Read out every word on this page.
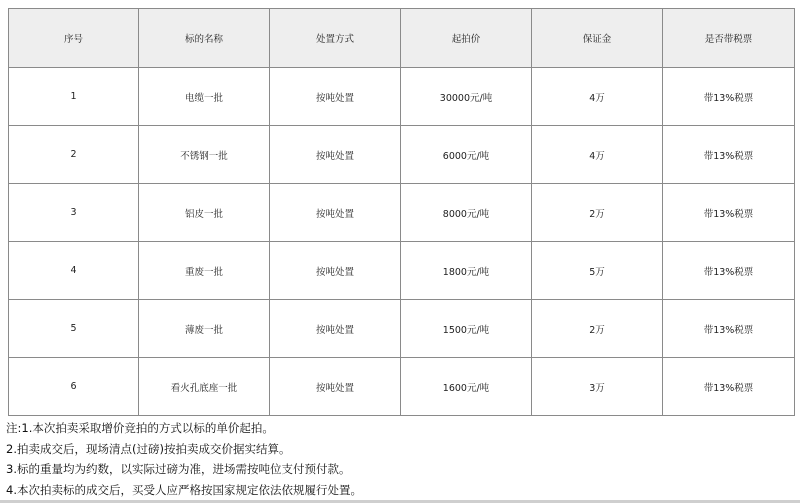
序号	标的名称	处置方式	起拍价	保证金	是否带税票
1	电缆一批	按吨处置	30000元/吨	4万	带13%税票
2	不锈钢一批	按吨处置	6000元/吨	4万	带13%税票
3	铝皮一批	按吨处置	8000元/吨	2万	带13%税票
4	重废一批	按吨处置	1800元/吨	5万	带13%税票
5	薄废一批	按吨处置	1500元/吨	2万	带13%税票
6	看火孔底座一批	按吨处置	1600元/吨	3万	带13%税票
注:1.本次拍卖采取增价竞拍的方式以标的单价起拍。
2.拍卖成交后，现场清点(过磅)按拍卖成交价据实结算。
3.标的重量均为约数，以实际过磅为准，进场需按吨位支付预付款。
4.本次拍卖标的成交后，买受人应严格按国家规定依法依规履行处置。
